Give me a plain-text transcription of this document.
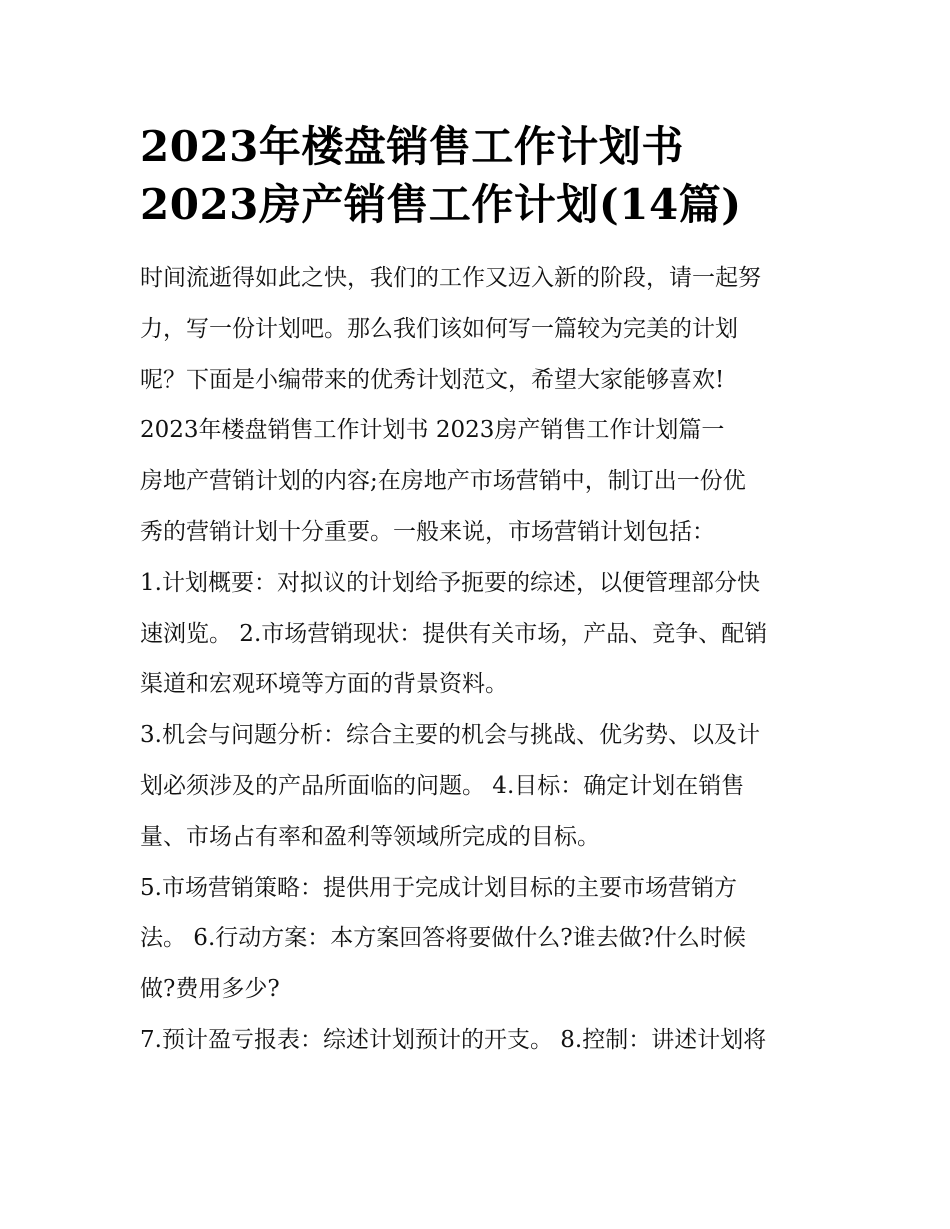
2023年楼盘销售工作计划书
2023房产销售工作计划(14篇)
时间流逝得如此之快，我们的工作又迈入新的阶段，请一起努
力，写一份计划吧。那么我们该如何写一篇较为完美的计划
呢？下面是小编带来的优秀计划范文，希望大家能够喜欢!
2023年楼盘销售工作计划书 2023房产销售工作计划篇一
房地产营销计划的内容;在房地产市场营销中，制订出一份优
秀的营销计划十分重要。一般来说，市场营销计划包括：
1.计划概要：对拟议的计划给予扼要的综述，以便管理部分快
速浏览。 2.市场营销现状：提供有关市场，产品、竞争、配销
渠道和宏观环境等方面的背景资料。
3.机会与问题分析：综合主要的机会与挑战、优劣势、以及计
划必须涉及的产品所面临的问题。 4.目标：确定计划在销售
量、市场占有率和盈利等领域所完成的目标。
5.市场营销策略：提供用于完成计划目标的主要市场营销方
法。 6.行动方案：本方案回答将要做什么?谁去做?什么时候
做?费用多少?
7.预计盈亏报表：综述计划预计的开支。 8.控制：讲述计划将
